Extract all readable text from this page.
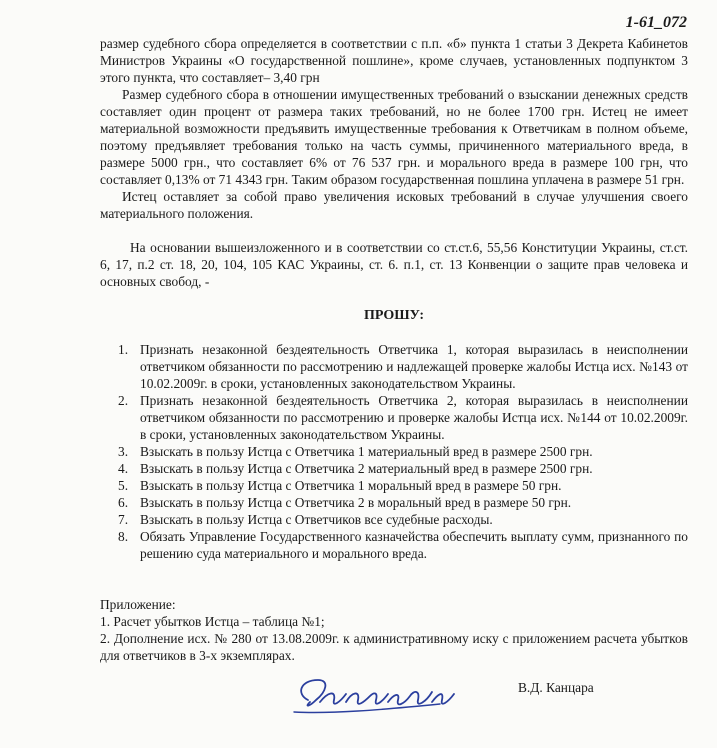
1-61_072

размер судебного сбора определяется в соответствии с п.п. «б» пункта 1 статьи 3 Декрета Кабинетов Министров Украины «О государственной пошлине», кроме случаев, установленных подпунктом 3 этого пункта, что составляет– 3,40 грн

Размер судебного сбора в отношении имущественных требований о взыскании денежных средств составляет один процент от размера таких требований, но не более 1700 грн. Истец не имеет материальной возможности предъявить имущественные требования к Ответчикам в полном объеме, поэтому предъявляет требования только на часть суммы, причиненного материального вреда, в размере 5000 грн., что составляет 6% от 76 537 грн. и морального вреда в размере 100 грн, что составляет 0,13% от 71 4343 грн. Таким образом государственная пошлина уплачена в размере 51 грн.

Истец оставляет за собой право увеличения исковых требований в случае улучшения своего материального положения.

На основании вышеизложенного и в соответствии со ст.ст.6, 55,56 Конституции Украины, ст.ст. 6, 17, п.2 ст. 18, 20, 104, 105 КАС Украины, ст. 6. п.1, ст. 13 Конвенции о защите прав человека и основных свобод, -

ПРОШУ:
1. Признать незаконной бездеятельность Ответчика 1, которая выразилась в неисполнении ответчиком обязанности по рассмотрению и надлежащей проверке жалобы Истца исх. №143 от 10.02.2009г. в сроки, установленных законодательством Украины.
2. Признать незаконной бездеятельность Ответчика 2, которая выразилась в неисполнении ответчиком обязанности по рассмотрению и проверке жалобы Истца исх. №144 от 10.02.2009г. в сроки, установленных законодательством Украины.
3. Взыскать в пользу Истца с Ответчика 1 материальный вред в размере 2500 грн.
4. Взыскать в пользу Истца с Ответчика 2 материальный вред в размере 2500 грн.
5. Взыскать в пользу Истца с Ответчика 1 моральный вред в размере 50 грн.
6. Взыскать в пользу Истца с Ответчика 2 в моральный вред в размере 50 грн.
7. Взыскать в пользу Истца с Ответчиков все судебные расходы.
8. Обязать Управление Государственного казначейства обеспечить выплату сумм, признанного по решению суда материального и морального вреда.

Приложение:

1. Расчет убытков Истца – таблица №1;

2. Дополнение исх. № 280 от 13.08.2009г. к административному иску с приложением расчета убытков для ответчиков в 3-х экземплярах.

В.Д. Канцара
